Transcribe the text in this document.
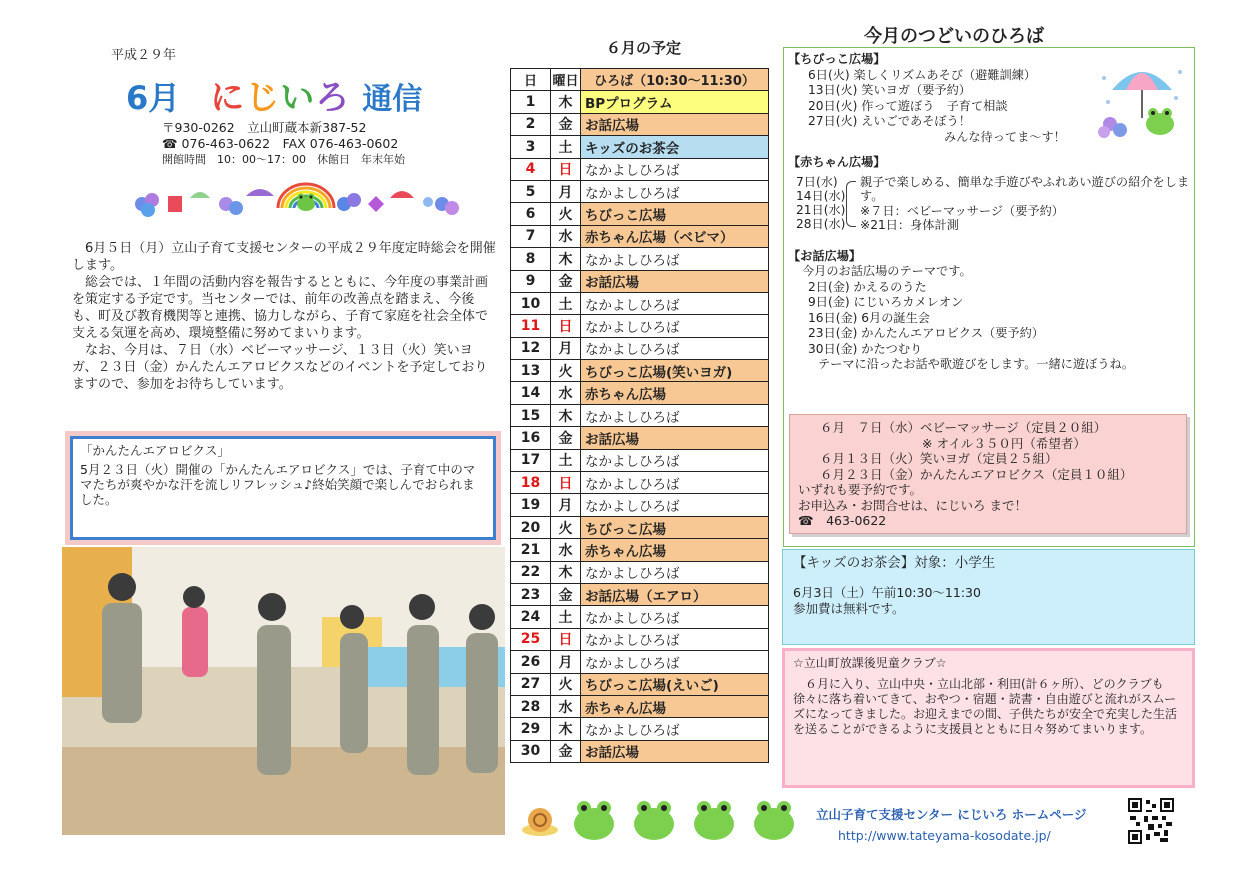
平成２９年
6月 にじいろ 通信
〒930-0262　立山町蔵本新387-52
☎ 076-463-0622　FAX 076-463-0602
開館時間　10：00～17：00　休館日　年末年始

6月５日（月）立山子育て支援センターの平成２９年度定時総会を開催します。

総会では、１年間の活動内容を報告するとともに、今年度の事業計画を策定する予定です。当センターでは、前年の改善点を踏まえ、今後も、町及び教育機関等と連携、協力しながら、子育て家庭を社会全体で支える気運を高め、環境整備に努めてまいります。

なお、今月は、７日（水）ベビーマッサージ、１３日（火）笑いヨガ、２３日（金）かんたんエアロビクスなどのイベントを予定しておりますので、参加をお待ちしています。

「かんたんエアロビクス」
5月２３日（火）開催の「かんたんエアロビクス」では、子育て中のママたちが爽やかな汗を流しリフレッシュ♪終始笑顔で楽しんでおられました。
６月の予定
日	曜日	ひろば（10:30～11:30）
1	木	BPプログラム
2	金	お話広場
3	土	キッズのお茶会
4	日	なかよしひろば
5	月	なかよしひろば
6	火	ちびっこ広場
7	水	赤ちゃん広場（ベビマ）
8	木	なかよしひろば
9	金	お話広場
10	土	なかよしひろば
11	日	なかよしひろば
12	月	なかよしひろば
13	火	ちびっこ広場(笑いヨガ)
14	水	赤ちゃん広場
15	木	なかよしひろば
16	金	お話広場
17	土	なかよしひろば
18	日	なかよしひろば
19	月	なかよしひろば
20	火	ちびっこ広場
21	水	赤ちゃん広場
22	木	なかよしひろば
23	金	お話広場（エアロ）
24	土	なかよしひろば
25	日	なかよしひろば
26	月	なかよしひろば
27	火	ちびっこ広場(えいご)
28	水	赤ちゃん広場
29	木	なかよしひろば
30	金	お話広場
今月のつどいのひろば
【ちびっこ広場】
6日(火) 楽しくリズムあそび（避難訓練）
13日(火) 笑いヨガ（要予約）
20日(火) 作って遊ぼう　子育て相談
27日(火) えいごであそぼう！
みんな待ってま～す！
【赤ちゃん広場】
7日(水)
14日(水)
21日(水)
28日(水)
親子で楽しめる、簡単な手遊びやふれあい遊びの紹介をします。
※７日：ベビーマッサージ（要予約）
※21日：身体計測
【お話広場】
今月のお話広場のテーマです。
2日(金) かえるのうた
9日(金) にじいろカメレオン
16日(金) 6月の誕生会
23日(金) かんたんエアロビクス（要予約）
30日(金) かたつむり
テーマに沿ったお話や歌遊びをします。一緒に遊ぼうね。
６月　７日（水）ベビーマッサージ（定員２０組）
※ オイル３５０円（希望者）
６月１３日（火）笑いヨガ（定員２５組）
６月２３日（金）かんたんエアロビクス（定員１０組）
いずれも要予約です。
お申込み・お問合せは、にじいろ まで！
☎　463-0622
【キッズのお茶会】対象：小学生
6月3日（土）午前10:30～11:30
参加費は無料です。
☆立山町放課後児童クラブ☆

６月に入り、立山中央・立山北部・利田(計６ヶ所）、どのクラブも徐々に落ち着いてきて、おやつ・宿題・読書・自由遊びと流れがスムーズになってきました。お迎えまでの間、子供たちが安全で充実した生活を送ることができるように支援員とともに日々努めてまいります。

立山子育て支援センター にじいろ ホームページ
http://www.tateyama-kosodate.jp/
